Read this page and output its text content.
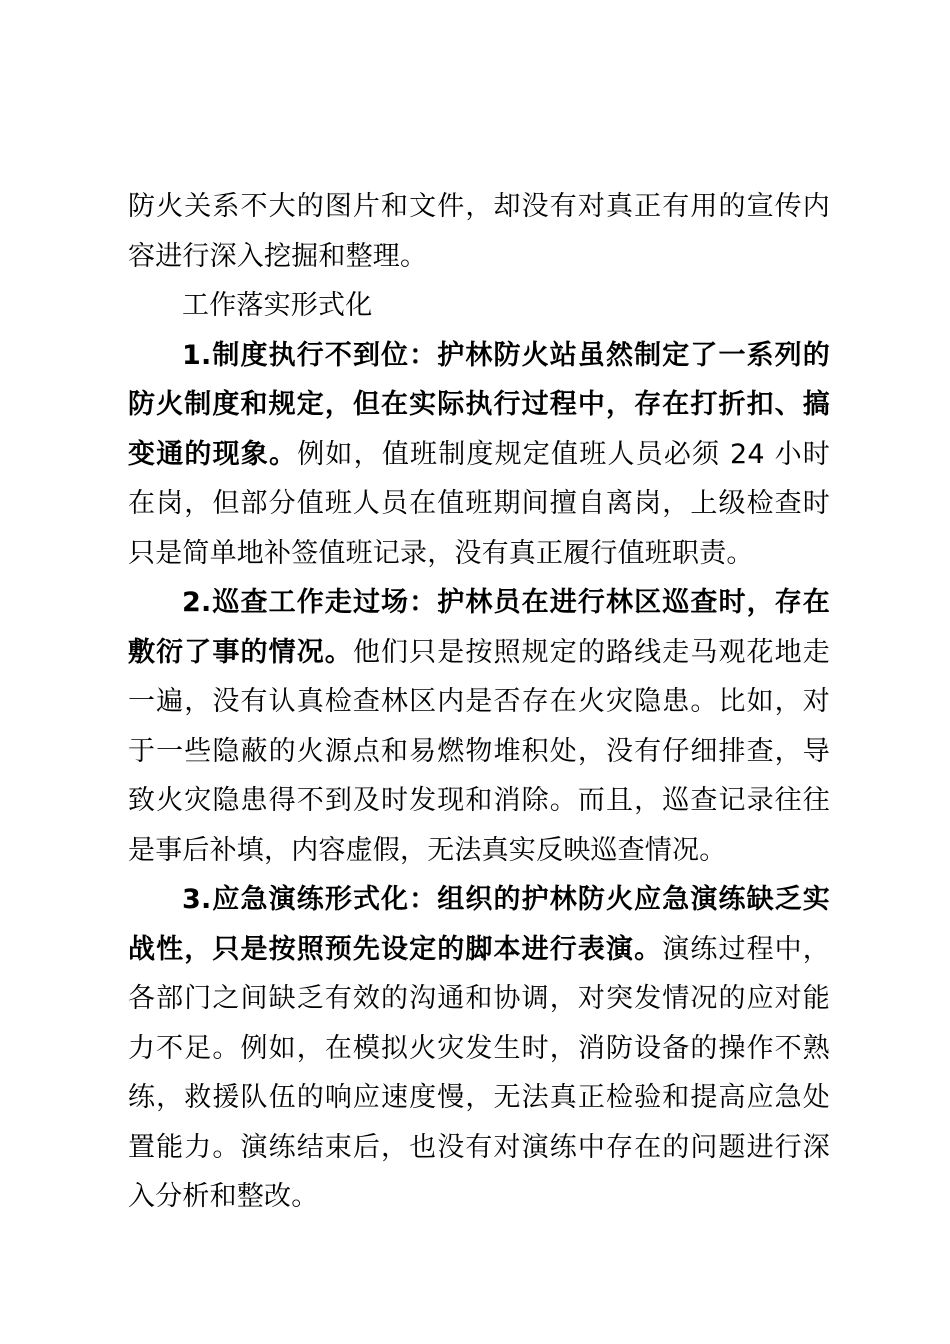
防火关系不大的图片和文件，却没有对真正有用的宣传内容进行深入挖掘和整理。

工作落实形式化

1.制度执行不到位：护林防火站虽然制定了一系列的防火制度和规定，但在实际执行过程中，存在打折扣、搞变通的现象。例如，值班制度规定值班人员必须 24 小时在岗，但部分值班人员在值班期间擅自离岗，上级检查时只是简单地补签值班记录，没有真正履行值班职责。

2.巡查工作走过场：护林员在进行林区巡查时，存在敷衍了事的情况。他们只是按照规定的路线走马观花地走一遍，没有认真检查林区内是否存在火灾隐患。比如，对于一些隐蔽的火源点和易燃物堆积处，没有仔细排查，导致火灾隐患得不到及时发现和消除。而且，巡查记录往往是事后补填，内容虚假，无法真实反映巡查情况。

3.应急演练形式化：组织的护林防火应急演练缺乏实战性，只是按照预先设定的脚本进行表演。演练过程中，各部门之间缺乏有效的沟通和协调，对突发情况的应对能力不足。例如，在模拟火灾发生时，消防设备的操作不熟练，救援队伍的响应速度慢，无法真正检验和提高应急处置能力。演练结束后，也没有对演练中存在的问题进行深入分析和整改。
